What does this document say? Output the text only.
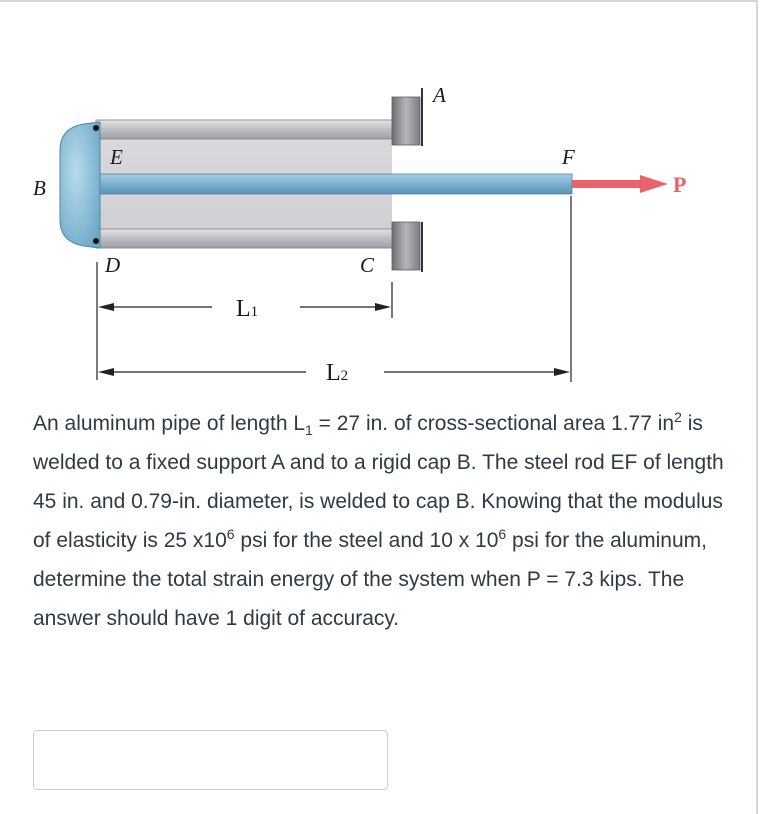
A
B
C
D
E	F
P
L1
L2

An aluminum pipe of length $L_1 = 27$ in. of cross-sectional area 1.77 $in^2$ is welded to a fixed support A and to a rigid cap B. The steel rod EF of length 45 in. and 0.79-in. diameter, is welded to cap B. Knowing that the modulus of elasticity is 25 $x10^6$ psi for the steel and 10 x $10^6$ psi for the aluminum, determine the total strain energy of the system when P = 7.3 kips. The answer should have 1 digit of accuracy.
